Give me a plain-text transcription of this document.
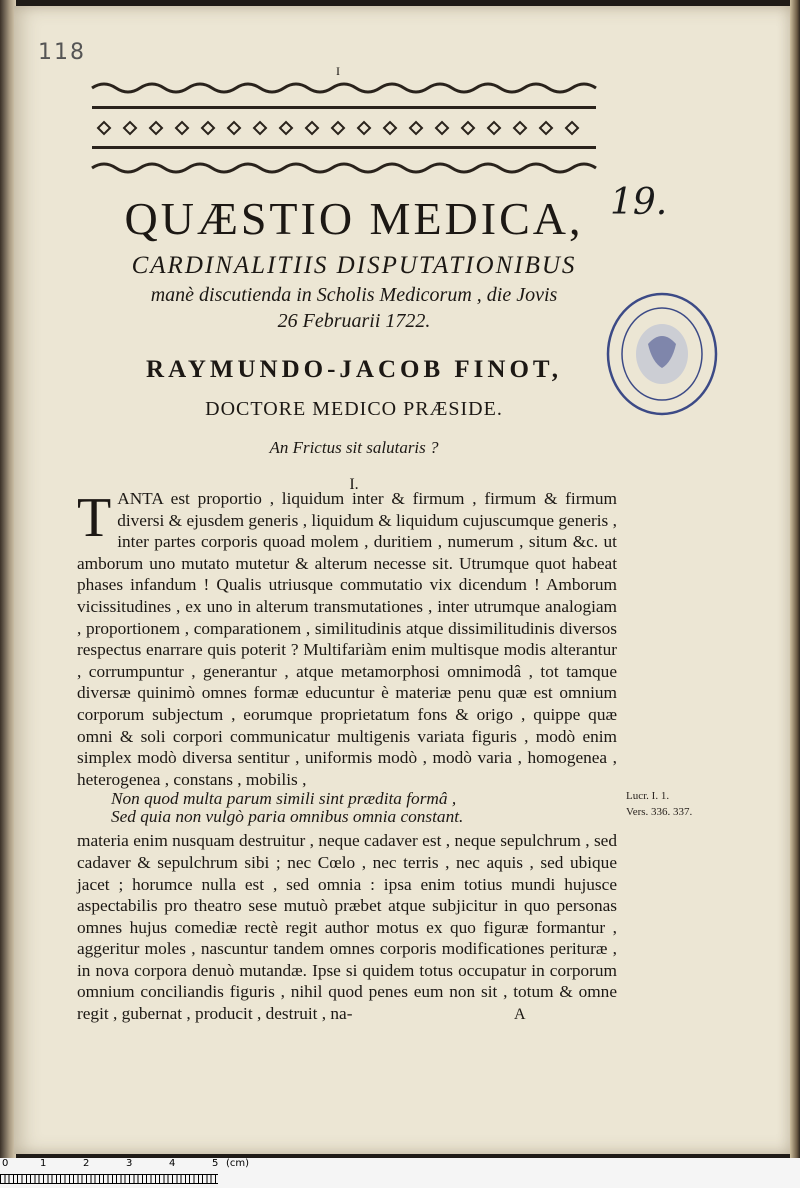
118
I
19.
QUÆSTIO MEDICA,
CARDINALITIIS DISPUTATIONIBUS

manè discutienda in Scholis Medicorum , die Jovis

26 Februarii 1722.

RAYMUNDO-JACOB FINOT,

DOCTORE MEDICO PRÆSIDE.

An Frictus sit salutaris ?

I.

T ANTA est proportio , liquidum inter & firmum , firmum & firmum diversi & ejusdem generis , liquidum & liquidum cujuscumque generis , inter partes corporis quoad molem , duritiem , numerum , situm &c. ut amborum uno mutato mutetur & alterum necesse sit. Utrumque quot habeat phases infandum ! Qualis utriusque commutatio vix dicendum ! Amborum vicissitudines , ex uno in alterum transmutationes , inter utrumque analogiam , proportionem , comparationem , similitudinis atque dissimilitudinis diversos respectus enarrare quis poterit ? Multifariàm enim multisque modis alterantur , corrumpuntur , generantur , atque metamorphosi omnimodâ , tot tamque diversæ quinimò omnes formæ educuntur è materiæ penu quæ est omnium corporum subjectum , eorumque proprietatum fons & origo , quippe quæ omni & soli corpori communicatur multigenis variata figuris , modò enim simplex modò diversa sentitur , uniformis modò , modò varia , homogenea , heterogenea , constans , mobilis ,

Non quod multa parum simili sint prædita formâ ,

Sed quia non vulgò paria omnibus omnia constant.

materia enim nusquam destruitur , neque cadaver est , neque sepulchrum , sed cadaver & sepulchrum sibi ; nec Cœlo , nec terris , nec aquis , sed ubique jacet ; horumce nulla est , sed omnia : ipsa enim totius mundi hujusce aspectabilis pro theatro sese mutuò præbet atque subjicitur in quo personas omnes hujus comediæ rectè regit author motus ex quo figuræ formantur , aggeritur moles , nascuntur tandem omnes corporis modificationes perituræ , in nova corpora denuò mutandæ. Ipse si quidem totus occupatur in corporum omnium conciliandis figuris , nihil quod penes eum non sit , totum & omne regit , gubernat , producit , destruit , na-

Lucr. I. 1.
Vers. 336. 337.
A
0	1	2	3	4	5 (cm)
